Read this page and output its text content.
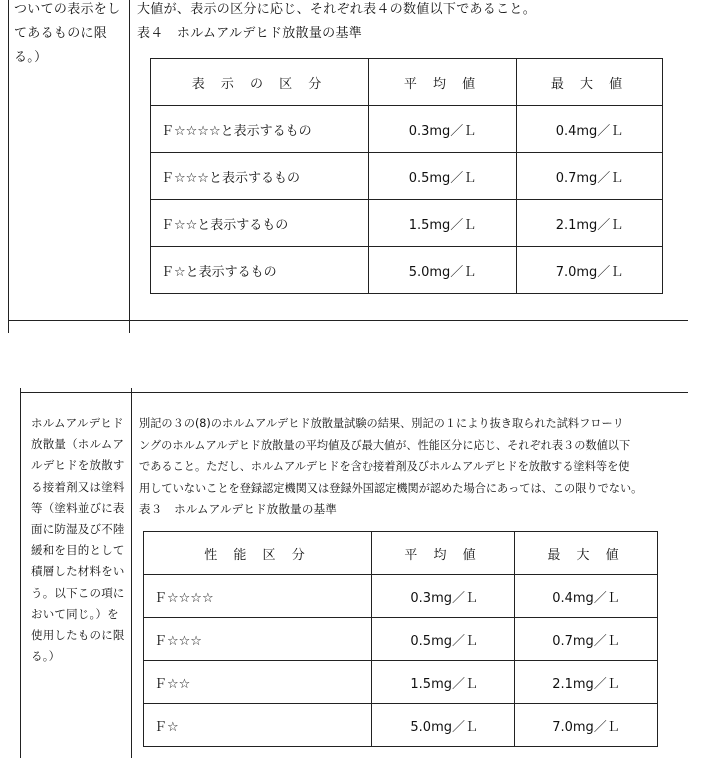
ついての表示をし
てあるものに限
る。）
大値が、表示の区分に応じ、それぞれ表４の数値以下であること。
表４　ホルムアルデヒド放散量の基準
表 示 の 区 分	平 均 値	最 大 値
Ｆ☆☆☆☆と表示するもの	0.3mg／Ｌ	0.4mg／Ｌ
Ｆ☆☆☆と表示するもの	0.5mg／Ｌ	0.7mg／Ｌ
Ｆ☆☆と表示するもの	1.5mg／Ｌ	2.1mg／Ｌ
Ｆ☆と表示するもの	5.0mg／Ｌ	7.0mg／Ｌ
ホルムアルデヒド
放散量（ホルムア
ルデヒドを放散す
る接着剤又は塗料
等（塗料並びに表
面に防湿及び不陸
緩和を目的として
積層した材料をい
う。以下この項に
おいて同じ。）を
使用したものに限
る。）
別記の３の(8)のホルムアルデヒド放散量試験の結果、別記の１により抜き取られた試料フローリ
ングのホルムアルデヒド放散量の平均値及び最大値が、性能区分に応じ、それぞれ表３の数値以下
であること。ただし、ホルムアルデヒドを含む接着剤及びホルムアルデヒドを放散する塗料等を使
用していないことを登録認定機関又は登録外国認定機関が認めた場合にあっては、この限りでない。
表３　ホルムアルデヒド放散量の基準
性 能 区 分	平 均 値	最 大 値
Ｆ☆☆☆☆	0.3mg／Ｌ	0.4mg／Ｌ
Ｆ☆☆☆	0.5mg／Ｌ	0.7mg／Ｌ
Ｆ☆☆	1.5mg／Ｌ	2.1mg／Ｌ
Ｆ☆	5.0mg／Ｌ	7.0mg／Ｌ
